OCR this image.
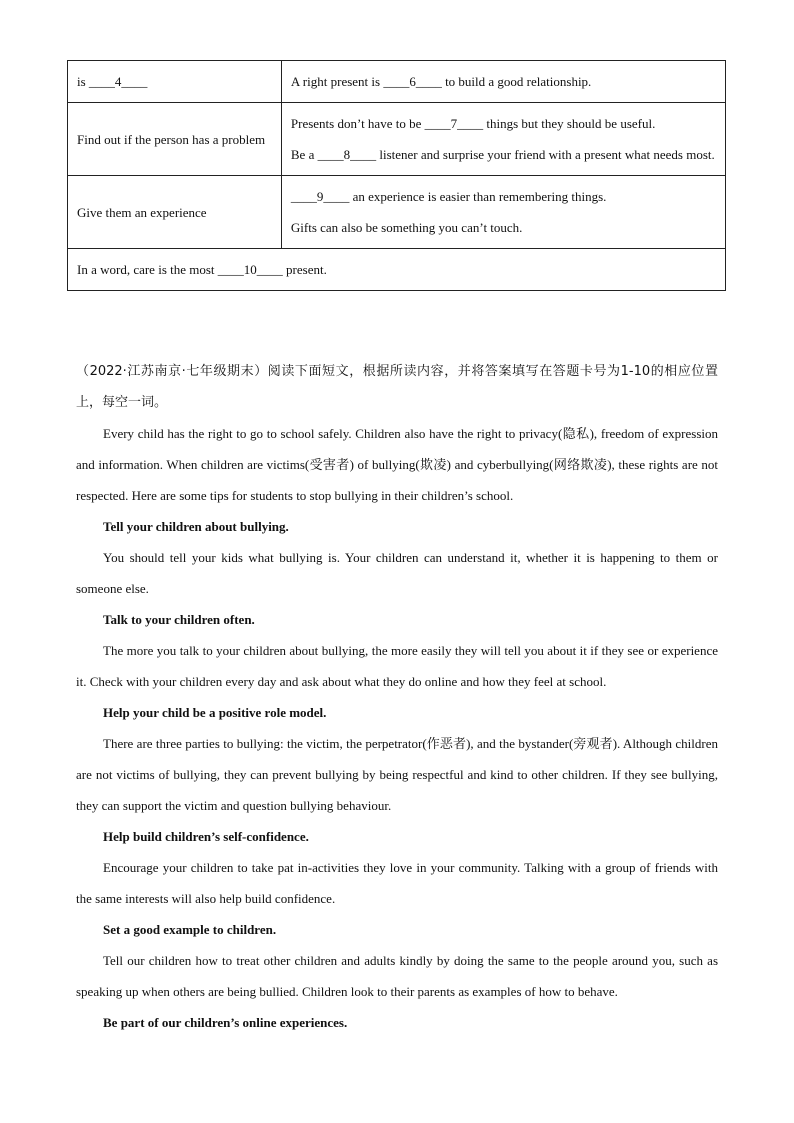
is ____4____	A right present is ____6____ to build a good relationship.

Find out if the person has a problem	Presents don’t have to be ____7____ things but they should be useful.
Be a ____8____ listener and surprise your friend with a present what needs most.

Give them an experience	____9____ an experience is easier than remembering things.
Gifts can also be something you can’t touch.

In a word, care is the most ____10____ present.	

（2022·江苏南京·七年级期末）阅读下面短文，根据所读内容，并将答案填写在答题卡号为1-10的相应位置上，每空一词。

Every child has the right to go to school safely. Children also have the right to privacy(隐私), freedom of expression and information. When children are victims(受害者) of bullying(欺凌) and cyberbullying(网络欺凌), these rights are not respected. Here are some tips for students to stop bullying in their children’s school.

Tell your children about bullying.

You should tell your kids what bullying is. Your children can understand it, whether it is happening to them or someone else.

Talk to your children often.

The more you talk to your children about bullying, the more easily they will tell you about it if they see or experience it. Check with your children every day and ask about what they do online and how they feel at school.

Help your child be a positive role model.

There are three parties to bullying: the victim, the perpetrator(作恶者), and the bystander(旁观者). Although children are not victims of bullying, they can prevent bullying by being respectful and kind to other children. If they see bullying, they can support the victim and question bullying behaviour.

Help build children’s self-confidence.

Encourage your children to take pat in-activities they love in your community. Talking with a group of friends with the same interests will also help build confidence.

Set a good example to children.

Tell our children how to treat other children and adults kindly by doing the same to the people around you, such as speaking up when others are being bullied. Children look to their parents as examples of how to behave.

Be part of our children’s online experiences.
